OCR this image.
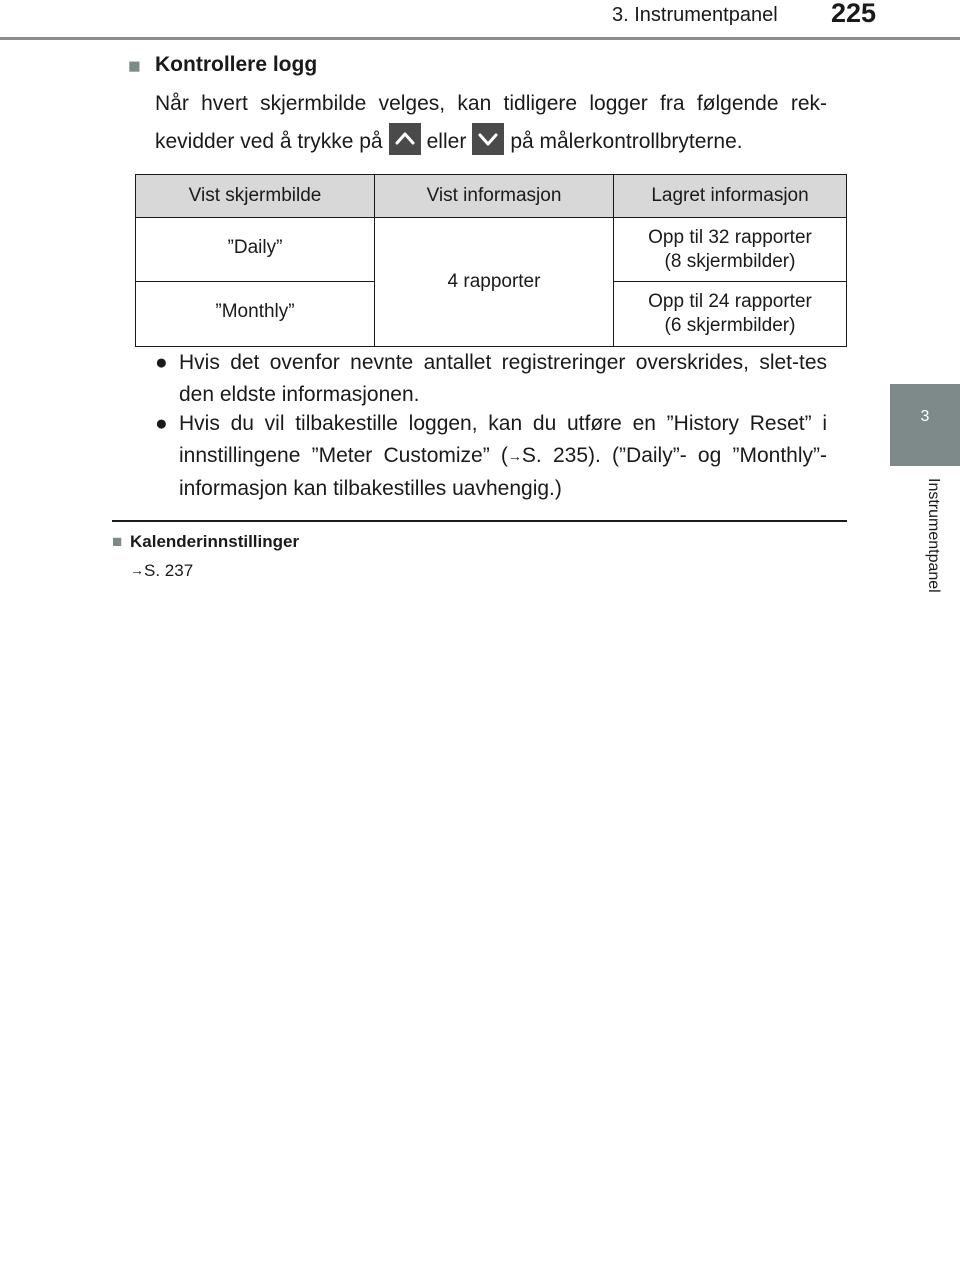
3. Instrumentpanel 225
3
Instrumentpanel
■ Kontrollere logg
Når hvert skjermbilde velges, kan tidligere logger fra følgende rek-
kevidder ved å trykke på eller på målerkontrollbryterne.
Vist skjermbilde	Vist informasjon	Lagret informasjon
”Daily”	4 rapporter	Opp til 32 rapporter
(8 skjermbilder)
”Monthly”		Opp til 24 rapporter
(6 skjermbilder)
● Hvis det ovenfor nevnte antallet registreringer overskrides, slet-tes den eldste informasjonen.
● Hvis du vil tilbakestille loggen, kan du utføre en ”History Reset” i innstillingene ”Meter Customize” (→S. 235). (”Daily”- og ”Monthly”-informasjon kan tilbakestilles uavhengig.)
■ Kalenderinnstillinger
→S. 237
